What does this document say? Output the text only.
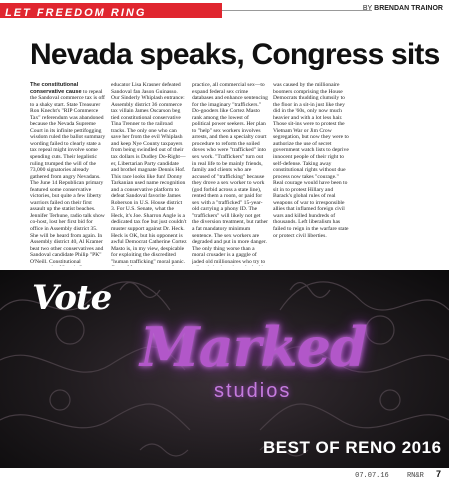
LET FREEDOM RING	BY BRENDAN TRAINOR
Nevada speaks, Congress sits

The constitutional conservative cause to repeal the Sandoval commerce tax is off to a shaky start. State Treasurer Ron Knecht's "RIP Commerce Tax" referendum was abandoned because the Nevada Supreme Court in its infinite pettifogging wisdom ruled the ballot summary wording failed to clearly state a tax repeal might involve some spending cuts. Their legalistic ruling trumped the will of the 73,000 signatories already gathered from angry Nevadans. The June 14 Republican primary featured some conservative victories, but quite a few liberty warriors failed on their first assault up the statist beaches. Jennifer Terhune, radio talk show co-host, lost her first bid for office in Assembly district 35. She will be heard from again. In Assembly district 40, Al Kramer beat two other conservatives and Sandoval candidate Philip "PK" O'Neill. Constitutional

educator Lisa Krasner defeated Sandoval fan Jason Guinasso. Our Sinderly Whiplash entrance: Assembly district 36 commerce tax villain James Oscarson beg tied constitutional conservative Tina Trenner to the railroad tracks. The only one who can save her from the evil Whiplash and keep Nye County taxpayers from being swindled out of their tax dollars is Dudley Do-Right—er, Libertarian Party candidate and brothel magnate Dennis Hof. This race looks like fun! Donny Tarkanian used name recognition and a conservative platform to defeat Sandoval favorite James Roberson in U.S. House district 3. For U.S. Senate, what the Heck, it's Joe. Sharron Angle is a dedicated tax foe but just couldn't muster support against Dr. Heck. Heck is OK, but his opponent is awful Democrat Catherine Cortez Masto is, in my view, despicable for exploiting the discredited "human trafficking" moral panic.

practice, all commercial sex—to expand federal sex crime databases and enhance sentencing for the imaginary "traffickers." Do-gooders like Cortez Masto rank among the lowest of political power seekers. Her plan to "help" sex workers involves arrests, and then a specialty court procedure to reform the soiled doves who were "trafficked" into sex work. "Traffickers" turn out in real life to be mainly friends, family and clients who are accused of "trafficking" because they drove a sex worker to work (god forbid across a state line), rented them a room, or paid for sex with a "trafficked" 15-year-old carrying a phony ID. The "traffickers" will likely not get the diversion treatment, but rather a fat mandatory minimum sentence. The sex workers are degraded and put in more danger. The only thing worse than a moral crusader is a gaggle of jaded old millionaires who try to

was caused by the millionaire boomers comprising the House Democrats thudding clumsily to the floor in a sit-in just like they did in the '60s, only now much heavier and with a lot less hair. Those sit-ins were to protest the Vietnam War or Jim Crow segregation, but now they were to authorize the use of secret government watch lists to deprive innocent people of their right to self-defense. Taking away constitutional rights without due process now takes "courage." Real courage would have been to sit in to protest Hillary and Barack's global rules of real weapons of war to irresponsible allies that inflamed foreign civil wars and killed hundreds of thousands. Left liberalism has failed to reign in the warfare state or protect civil liberties.

Vote
Marked
studios
BEST OF RENO 2016
07.07.16	RN&R 7
